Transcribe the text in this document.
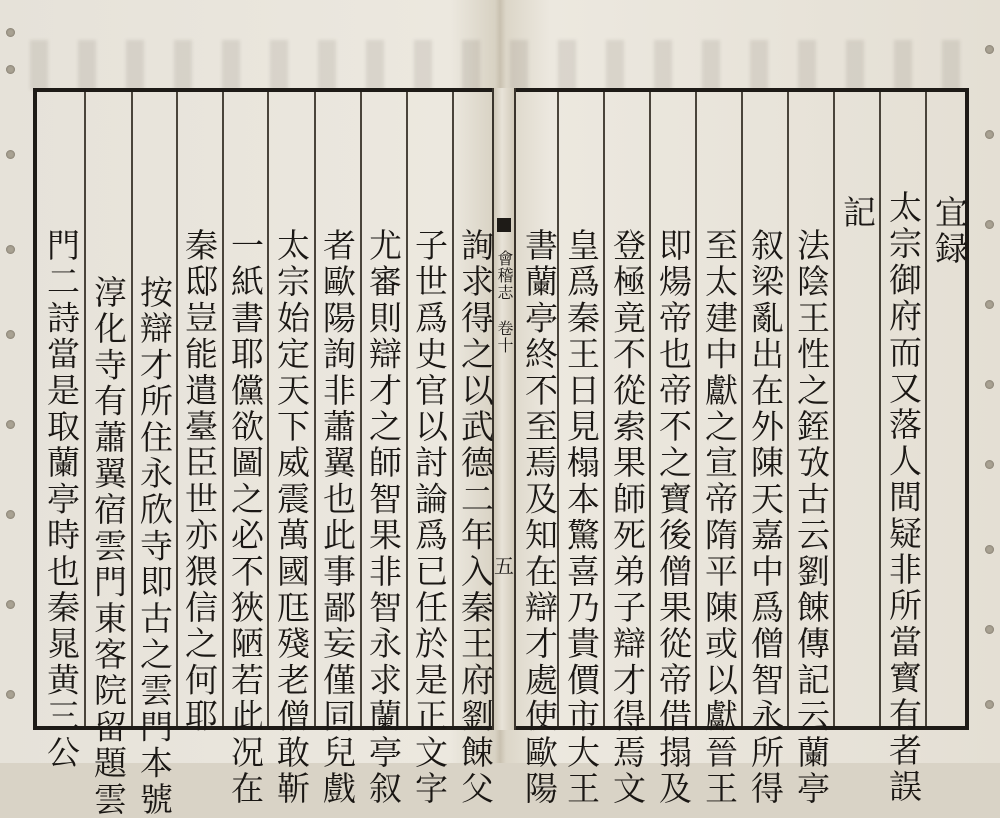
宜録
太宗御府而又落人間疑非所當寳有者誤
記
法陰王性之銍攷古云劉餗傳記云蘭亭
叙梁亂出在外陳天嘉中爲僧智永所得
至太建中獻之宣帝隋平陳或以獻晉王
即煬帝也帝不之寶後僧果從帝借搨及
登極竟不從索果師死弟子辯才得焉文
皇爲秦王日見榻本驚喜乃貴價市大王
書蘭亭終不至焉及知在辯才處使歐陽
會稽志
卷十
五
詢求得之以武德二年入秦王府劉餗父
子世爲史官以討論爲已任於是正文字
尤審則辯才之師智果非智永求蘭亭叙
者歐陽詢非蕭翼也此事鄙妄僅同兒戲
太宗始定天下威震萬國尫殘老僧敢靳
一紙書耶儻欲圖之必不狹陋若此况在
秦邸豈能遣臺臣世亦猥信之何耶
按辯才所住永欣寺即古之雲門本號
淳化寺有蕭翼宿雲門東客院留題雲
門二詩當是取蘭亭時也秦晁黄三公
